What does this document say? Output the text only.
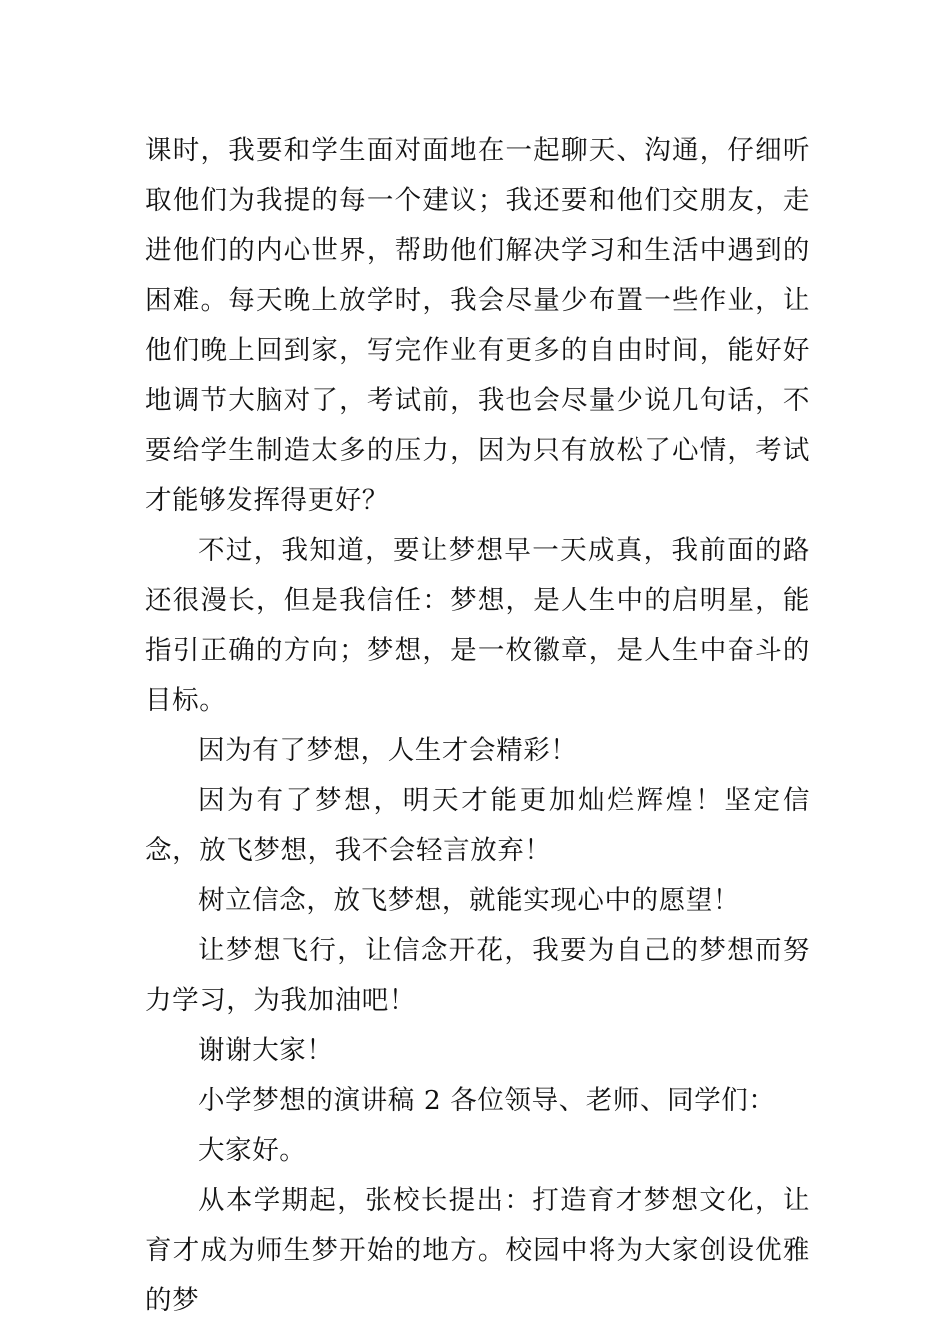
课时，我要和学生面对面地在一起聊天、沟通，仔细听取他们为我提的每一个建议；我还要和他们交朋友，走进他们的内心世界，帮助他们解决学习和生活中遇到的困难。每天晚上放学时，我会尽量少布置一些作业，让他们晚上回到家，写完作业有更多的自由时间，能好好地调节大脑对了，考试前，我也会尽量少说几句话，不要给学生制造太多的压力，因为只有放松了心情，考试才能够发挥得更好？

不过，我知道，要让梦想早一天成真，我前面的路还很漫长，但是我信任：梦想，是人生中的启明星，能指引正确的方向；梦想，是一枚徽章，是人生中奋斗的目标。

因为有了梦想，人生才会精彩！

因为有了梦想，明天才能更加灿烂辉煌！坚定信念，放飞梦想，我不会轻言放弃！

树立信念，放飞梦想，就能实现心中的愿望！

让梦想飞行，让信念开花，我要为自己的梦想而努力学习，为我加油吧！

谢谢大家！

小学梦想的演讲稿 2 各位领导、老师、同学们：

大家好。

从本学期起，张校长提出：打造育才梦想文化，让育才成为师生梦开始的地方。校园中将为大家创设优雅的梦
